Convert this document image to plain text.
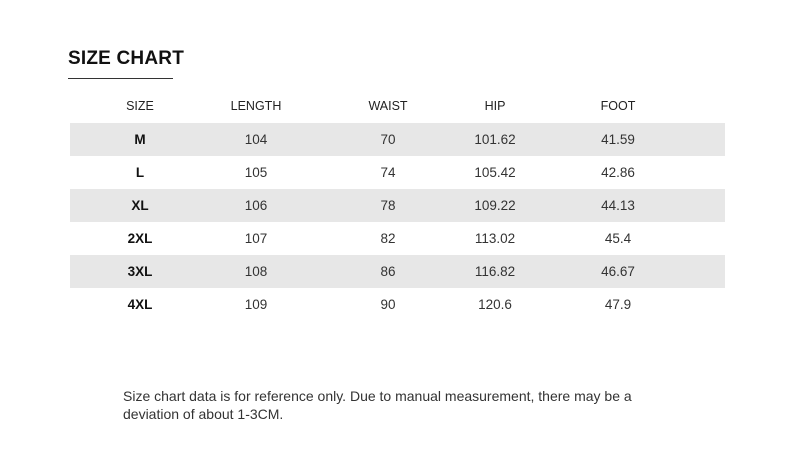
SIZE CHART
SIZE	LENGTH	WAIST	HIP	FOOT
M	104	70	101.62	41.59
L	105	74	105.42	42.86
XL	106	78	109.22	44.13
2XL	107	82	113.02	45.4
3XL	108	86	116.82	46.67
4XL	109	90	120.6	47.9

Size chart data is for reference only. Due to manual measurement, there may be a deviation of about 1-3CM.
